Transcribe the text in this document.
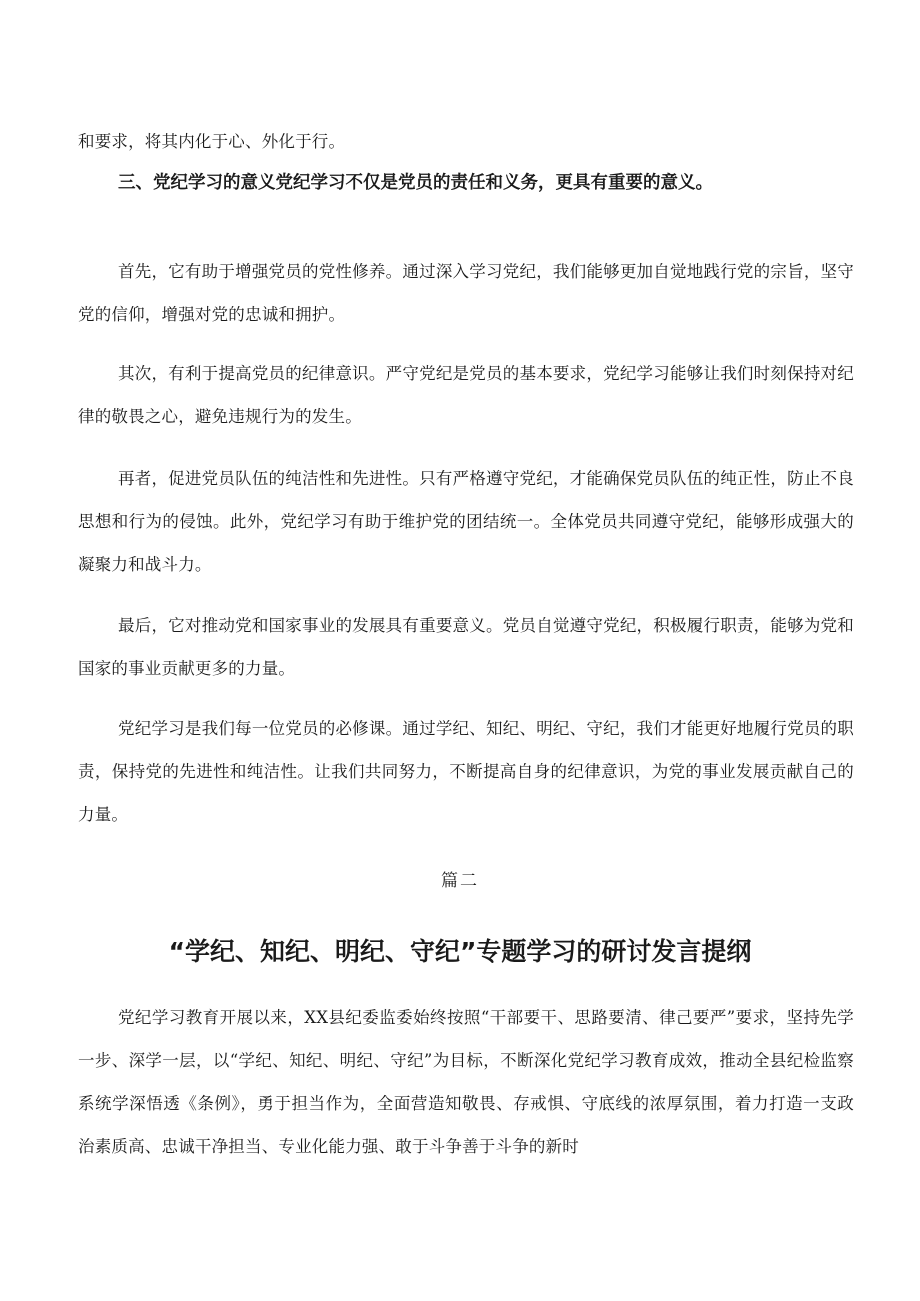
和要求，将其内化于心、外化于行。

三、党纪学习的意义党纪学习不仅是党员的责任和义务，更具有重要的意义。

首先，它有助于增强党员的党性修养。通过深入学习党纪，我们能够更加自觉地践行党的宗旨，坚守党的信仰，增强对党的忠诚和拥护。

其次，有利于提高党员的纪律意识。严守党纪是党员的基本要求，党纪学习能够让我们时刻保持对纪律的敬畏之心，避免违规行为的发生。

再者，促进党员队伍的纯洁性和先进性。只有严格遵守党纪，才能确保党员队伍的纯正性，防止不良思想和行为的侵蚀。此外，党纪学习有助于维护党的团结统一。全体党员共同遵守党纪，能够形成强大的凝聚力和战斗力。

最后，它对推动党和国家事业的发展具有重要意义。党员自觉遵守党纪，积极履行职责，能够为党和国家的事业贡献更多的力量。

党纪学习是我们每一位党员的必修课。通过学纪、知纪、明纪、守纪，我们才能更好地履行党员的职责，保持党的先进性和纯洁性。让我们共同努力，不断提高自身的纪律意识，为党的事业发展贡献自己的力量。

篇二
“学纪、知纪、明纪、守纪”专题学习的研讨发言提纲

党纪学习教育开展以来，XX县纪委监委始终按照“干部要干、思路要清、律己要严”要求，坚持先学一步、深学一层，以“学纪、知纪、明纪、守纪”为目标，不断深化党纪学习教育成效，推动全县纪检监察系统学深悟透《条例》，勇于担当作为，全面营造知敬畏、存戒惧、守底线的浓厚氛围，着力打造一支政治素质高、忠诚干净担当、专业化能力强、敢于斗争善于斗争的新时
